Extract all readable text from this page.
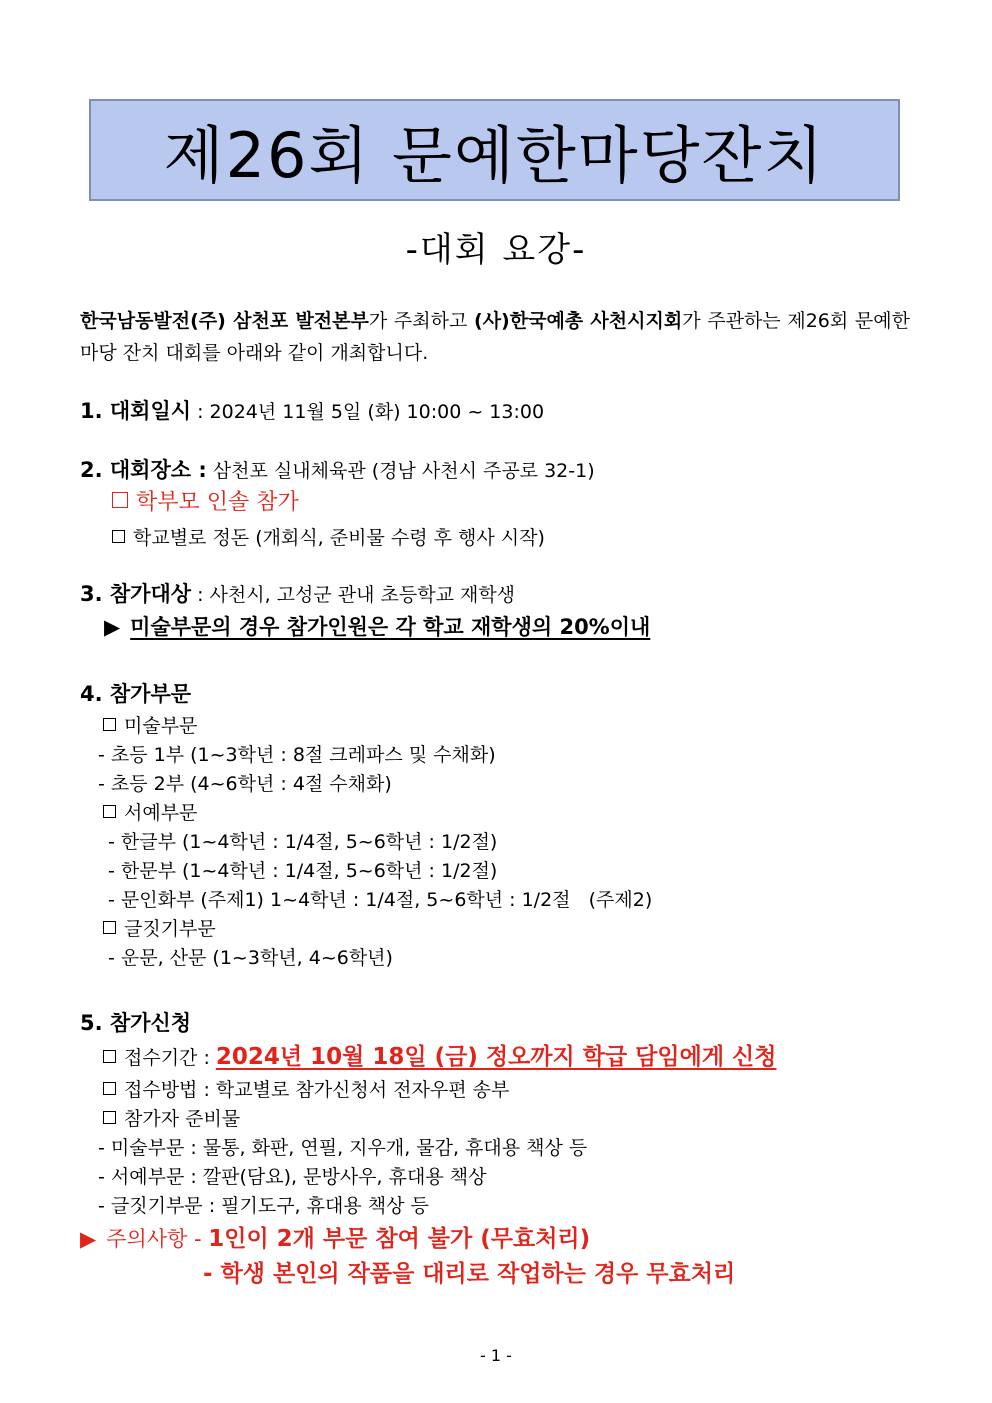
제26회 문예한마당잔치
-대회 요강-
한국남동발전(주) 삼천포 발전본부가 주최하고 (사)한국예총 사천시지회가 주관하는 제26회 문예한마당 잔치 대회를 아래와 같이 개최합니다.
1. 대회일시 : 2024년 11월 5일 (화) 10:00 ~ 13:00
2. 대회장소 : 삼천포 실내체육관 (경남 사천시 주공로 32-1)
학부모 인솔 참가
학교별로 정돈 (개회식, 준비물 수령 후 행사 시작)
3. 참가대상 : 사천시, 고성군 관내 초등학교 재학생
▶ 미술부문의 경우 참가인원은 각 학교 재학생의 20%이내
4. 참가부문
미술부문
- 초등 1부 (1~3학년 : 8절 크레파스 및 수채화)
- 초등 2부 (4~6학년 : 4절 수채화)
서예부문
- 한글부 (1~4학년 : 1/4절, 5~6학년 : 1/2절)
- 한문부 (1~4학년 : 1/4절, 5~6학년 : 1/2절)
- 문인화부 (주제1) 1~4학년 : 1/4절, 5~6학년 : 1/2절   (주제2)
글짓기부문
- 운문, 산문 (1~3학년, 4~6학년)
5. 참가신청
접수기간 : 2024년 10월 18일 (금) 정오까지 학급 담임에게 신청
접수방법 : 학교별로 참가신청서 전자우편 송부
참가자 준비물
- 미술부문 : 물통, 화판, 연필, 지우개, 물감, 휴대용 책상 등
- 서예부문 : 깔판(담요), 문방사우, 휴대용 책상
- 글짓기부문 : 필기도구, 휴대용 책상 등
▶ 주의사항 - 1인이 2개 부문 참여 불가 (무효처리)
- 학생 본인의 작품을 대리로 작업하는 경우 무효처리
- 1 -
